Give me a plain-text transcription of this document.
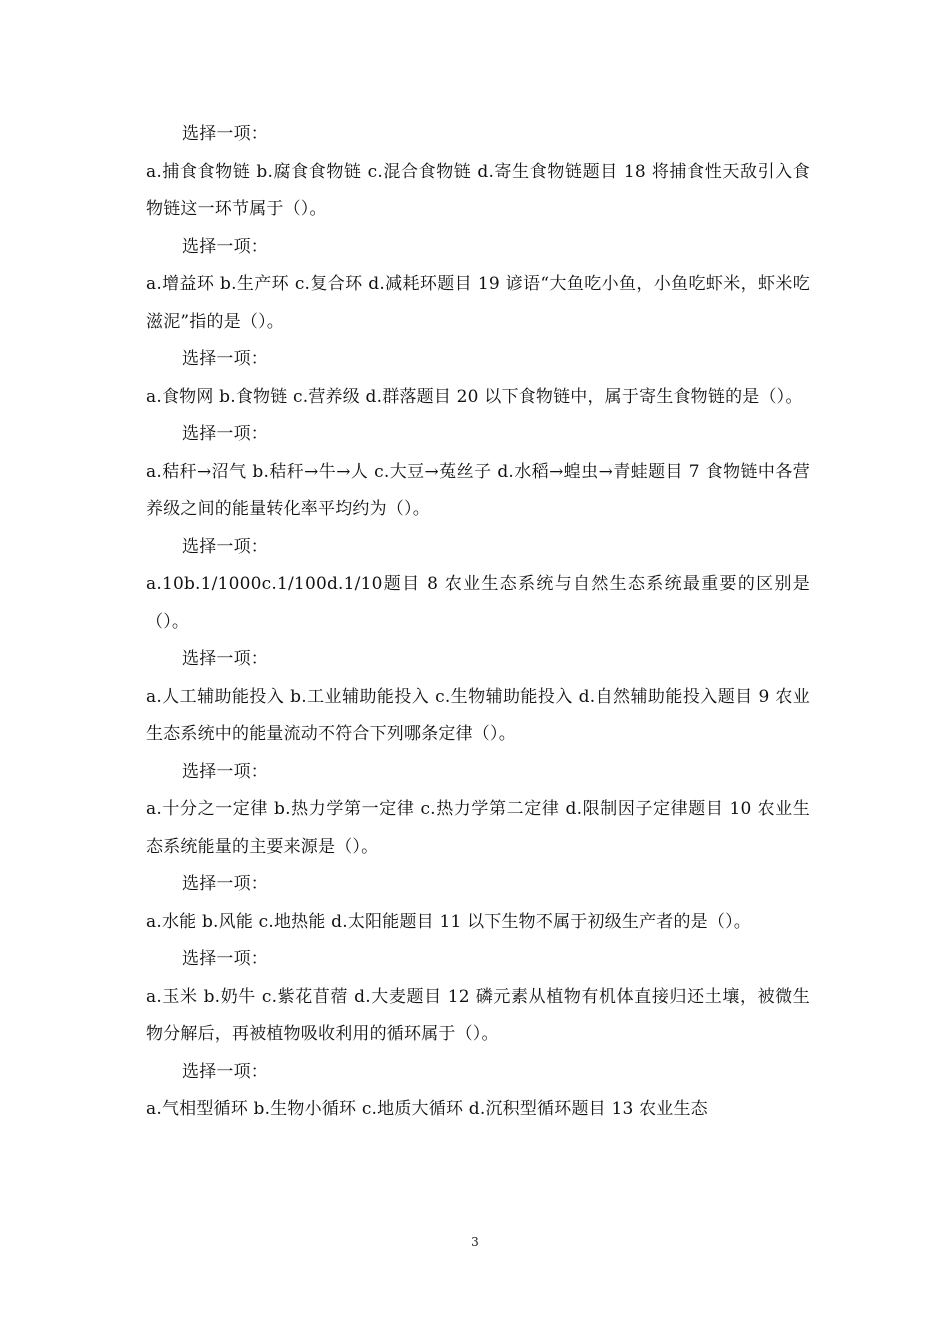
选择一项：

a.捕食食物链 b.腐食食物链 c.混合食物链 d.寄生食物链题目 18 将捕食性天敌引入食物链这一环节属于（）。

选择一项：

a.增益环 b.生产环 c.复合环 d.减耗环题目 19 谚语“大鱼吃小鱼，小鱼吃虾米，虾米吃滋泥”指的是（）。

选择一项：

a.食物网 b.食物链 c.营养级 d.群落题目 20 以下食物链中，属于寄生食物链的是（）。

选择一项：

a.秸秆→沼气 b.秸秆→牛→人 c.大豆→菟丝子 d.水稻→蝗虫→青蛙题目 7 食物链中各营养级之间的能量转化率平均约为（）。

选择一项：

a.10b.1/1000c.1/100d.1/10题目 8 农业生态系统与自然生态系统最重要的区别是（）。

选择一项：

a.人工辅助能投入 b.工业辅助能投入 c.生物辅助能投入 d.自然辅助能投入题目 9 农业生态系统中的能量流动不符合下列哪条定律（）。

选择一项：

a.十分之一定律 b.热力学第一定律 c.热力学第二定律 d.限制因子定律题目 10 农业生态系统能量的主要来源是（）。

选择一项：

a.水能 b.风能 c.地热能 d.太阳能题目 11 以下生物不属于初级生产者的是（）。

选择一项：

a.玉米 b.奶牛 c.紫花苜蓿 d.大麦题目 12 磷元素从植物有机体直接归还土壤，被微生物分解后，再被植物吸收利用的循环属于（）。

选择一项：

a.气相型循环 b.生物小循环 c.地质大循环 d.沉积型循环题目 13 农业生态

3
